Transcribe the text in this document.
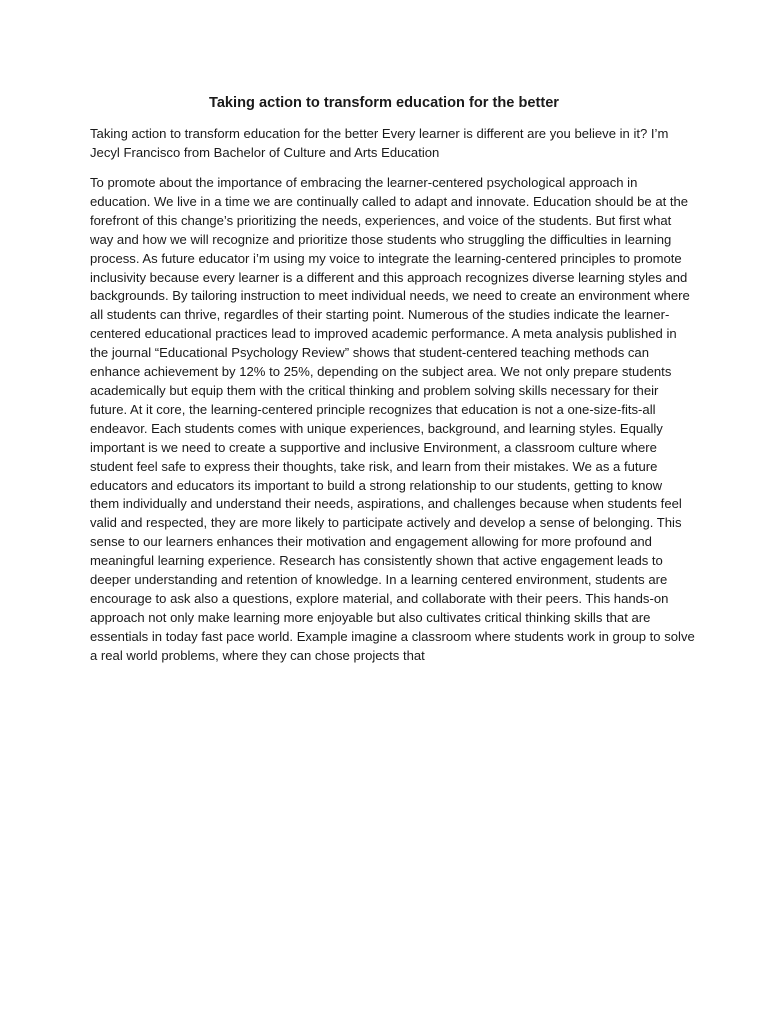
Taking action to transform education for the better

Taking action to transform education for the better Every learner is different are you believe in it? I’m
Jecyl Francisco from Bachelor of Culture and Arts Education

To promote about the importance of embracing the learner-centered psychological approach in
education. We live in a time we are continually called to adapt and innovate. Education should be at the
forefront of this change’s prioritizing the needs, experiences, and voice of the students. But first what
way and how we will recognize and prioritize those students who struggling the difficulties in learning
process. As future educator i’m using my voice to integrate the learning-centered principles to promote
inclusivity because every learner is a different and this approach recognizes diverse learning styles and
backgrounds. By tailoring instruction to meet individual needs, we need to create an environment where
all students can thrive, regardles of their starting point. Numerous of the studies indicate the learner-
centered educational practices lead to improved academic performance. A meta analysis published in
the journal “Educational Psychology Review” shows that student-centered teaching methods can
enhance achievement by 12% to 25%, depending on the subject area. We not only prepare students
academically but equip them with the critical thinking and problem solving skills necessary for their
future. At it core, the learning-centered principle recognizes that education is not a one-size-fits-all
endeavor. Each students comes with unique experiences, background, and learning styles. Equally
important is we need to create a supportive and inclusive Environment, a classroom culture where
student feel safe to express their thoughts, take risk, and learn from their mistakes. We as a future
educators and educators its important to build a strong relationship to our students, getting to know
them individually and understand their needs, aspirations, and challenges because when students feel
valid and respected, they are more likely to participate actively and develop a sense of belonging. This
sense to our learners enhances their motivation and engagement allowing for more profound and
meaningful learning experience. Research has consistently shown that active engagement leads to
deeper understanding and retention of knowledge. In a learning centered environment, students are
encourage to ask also a questions, explore material, and collaborate with their peers. This hands-on
approach not only make learning more enjoyable but also cultivates critical thinking skills that are
essentials in today fast pace world. Example imagine a classroom where students work in group to solve
a real world problems, where they can chose projects that
